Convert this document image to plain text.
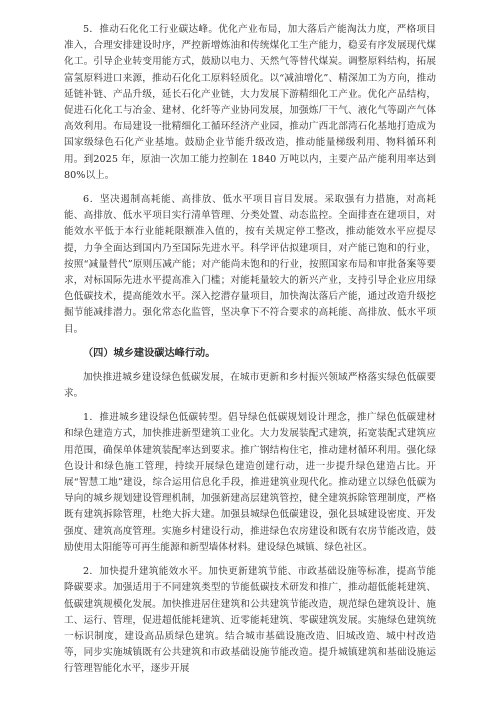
5．推动石化化工行业碳达峰。优化产业布局，加大落后产能淘汰力度，严格项目准入，合理安排建设时序，严控新增炼油和传统煤化工生产能力，稳妥有序发展现代煤化工。引导企业转变用能方式，鼓励以电力、天然气等替代煤炭。调整原料结构，拓展富氢原料进口来源，推动石化化工原料轻质化。以“减油增化”、精深加工为方向，推动延链补链、产品升级，延长石化产业链，大力发展下游精细化工产业。优化产品结构，促进石化化工与冶金、建材、化纤等产业协同发展，加强炼厂干气、液化气等副产气体高效利用。布局建设一批精细化工循环经济产业园，推动广西北部湾石化基地打造成为国家级绿色石化产业基地。鼓励企业节能升级改造，推动能量梯级利用、物料循环利用。到2025 年，原油一次加工能力控制在 1840 万吨以内，主要产品产能利用率达到80%以上。

6．坚决遏制高耗能、高排放、低水平项目盲目发展。采取强有力措施，对高耗能、高排放、低水平项目实行清单管理、分类处置、动态监控。全面排查在建项目，对能效水平低于本行业能耗限额准入值的，按有关规定停工整改，推动能效水平应提尽提，力争全面达到国内乃至国际先进水平。科学评估拟建项目，对产能已饱和的行业，按照“减量替代”原则压减产能；对产能尚未饱和的行业，按照国家布局和审批备案等要求，对标国际先进水平提高准入门槛；对能耗量较大的新兴产业，支持引导企业应用绿色低碳技术，提高能效水平。深入挖潜存量项目，加快淘汰落后产能，通过改造升级挖掘节能减排潜力。强化常态化监管，坚决拿下不符合要求的高耗能、高排放、低水平项目。

（四）城乡建设碳达峰行动。

加快推进城乡建设绿色低碳发展，在城市更新和乡村振兴领域严格落实绿色低碳要求。

1．推进城乡建设绿色低碳转型。倡导绿色低碳规划设计理念，推广绿色低碳建材和绿色建造方式，加快推进新型建筑工业化。大力发展装配式建筑，拓宽装配式建筑应用范围，确保单体建筑装配率达到要求。推广钢结构住宅，推动建材循环利用。强化绿色设计和绿色施工管理，持续开展绿色建造创建行动，进一步提升绿色建造占比。开展“智慧工地”建设，综合运用信息化手段，推进建筑业现代化。推动建立以绿色低碳为导向的城乡规划建设管理机制，加强新建高层建筑管控，健全建筑拆除管理制度，严格既有建筑拆除管理，杜绝大拆大建。加强县城绿色低碳建设，强化县城建设密度、开发强度、建筑高度管理。实施乡村建设行动，推进绿色农房建设和既有农房节能改造，鼓励使用太阳能等可再生能源和新型墙体材料。建设绿色城镇、绿色社区。

2．加快提升建筑能效水平。加快更新建筑节能、市政基础设施等标准，提高节能降碳要求。加强适用于不同建筑类型的节能低碳技术研发和推广，推动超低能耗建筑、低碳建筑规模化发展。加快推进居住建筑和公共建筑节能改造，规范绿色建筑设计、施工、运行、管理，促进超低能耗建筑、近零能耗建筑、零碳建筑发展。实施绿色建筑统一标识制度，建设高品质绿色建筑。结合城市基础设施改造、旧城改造、城中村改造等，同步实施城镇既有公共建筑和市政基础设施节能改造。提升城镇建筑和基础设施运行管理智能化水平，逐步开展
